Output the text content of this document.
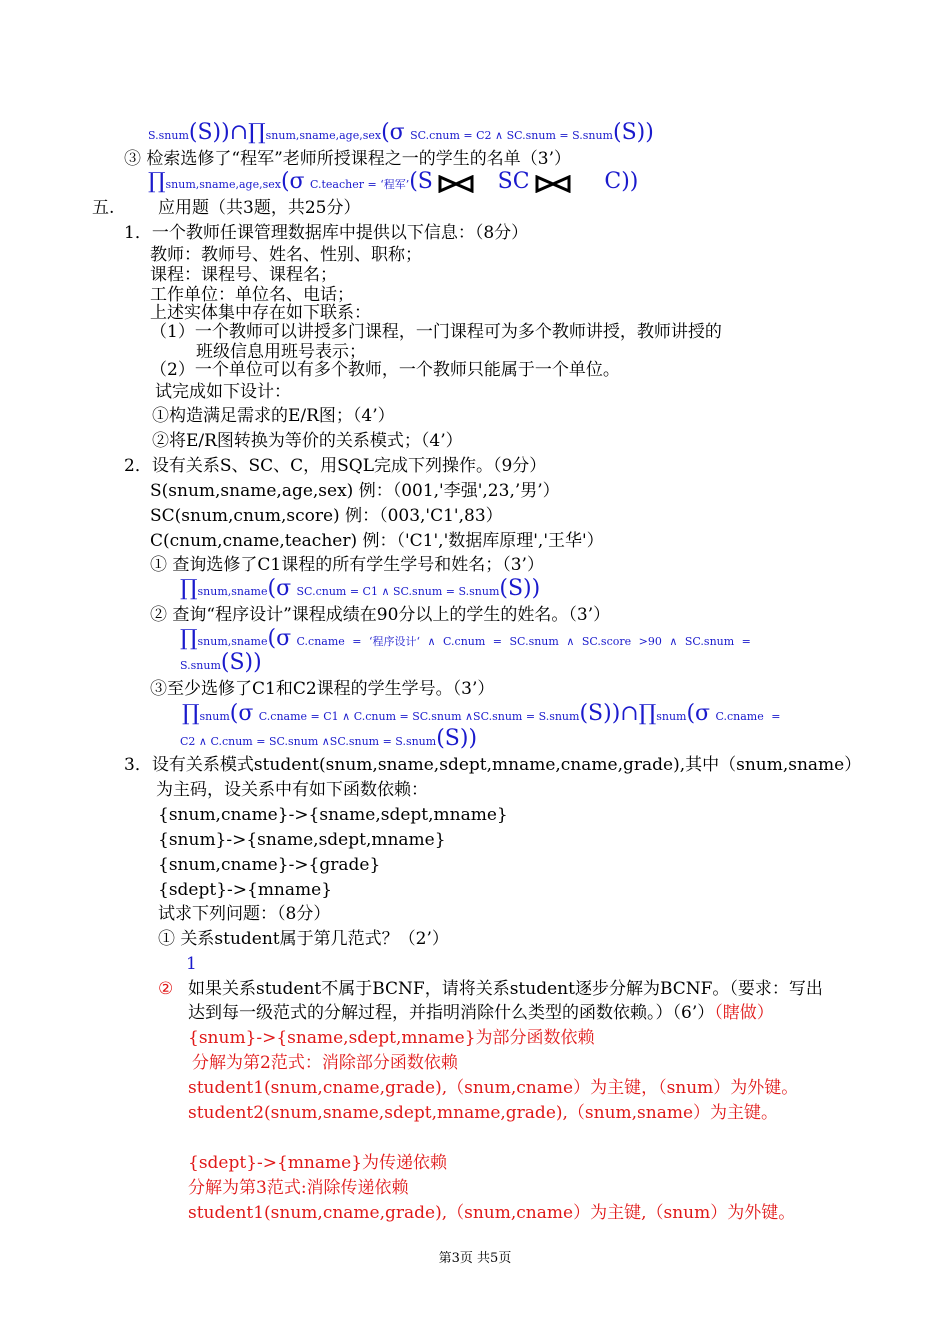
S.snum(S))∩∏snum,sname,age,sex(σ SC.cnum = C2 ∧ SC.snum = S.snum(S))
③ 检索选修了“程军”老师所授课程之一的学生的名单（3’）
∏snum,sname,age,sex(σ C.teacher = ‘程军’(S	SC	C))
五.	应用题（共3题，共25分）
1．一个教师任课管理数据库中提供以下信息：（8分）
教师：教师号、姓名、性别、职称；
课程：课程号、课程名；
工作单位：单位名、电话；
上述实体集中存在如下联系：
（1）一个教师可以讲授多门课程，一门课程可为多个教师讲授，教师讲授的
班级信息用班号表示；
（2）一个单位可以有多个教师，一个教师只能属于一个单位。
试完成如下设计：
①构造满足需求的E/R图；（4’）
②将E/R图转换为等价的关系模式；（4’）
2．设有关系S、SC、C，用SQL完成下列操作。（9分）
S(snum,sname,age,sex) 例：（001,'李强',23,’男’）
SC(snum,cnum,score) 例：（003,'C1',83）
C(cnum,cname,teacher) 例：（'C1','数据库原理','王华'）
① 查询选修了C1课程的所有学生学号和姓名；（3’）
∏snum,sname(σ SC.cnum = C1 ∧ SC.snum = S.snum(S))
② 查询“程序设计”课程成绩在90分以上的学生的姓名。（3’）
∏snum,sname(σ C.cname = ‘程序设计‘ ∧ C.cnum = SC.snum ∧ SC.score >90 ∧ SC.snum =
S.snum(S))
③至少选修了C1和C2课程的学生学号。（3’）
∏snum(σ C.cname = C1 ∧ C.cnum = SC.snum ∧SC.snum = S.snum(S))∩∏snum(σ C.cname =
C2 ∧ C.cnum = SC.snum ∧SC.snum = S.snum(S))
3．设有关系模式student(snum,sname,sdept,mname,cname,grade),其中（snum,sname）
为主码，设关系中有如下函数依赖：
{snum,cname}->{sname,sdept,mname}
{snum}->{sname,sdept,mname}
{snum,cname}->{grade}
{sdept}->{mname}
试求下列问题：（8分）
① 关系student属于第几范式？（2’）
1
② 如果关系student不属于BCNF，请将关系student逐步分解为BCNF。（要求：写出
达到每一级范式的分解过程，并指明消除什么类型的函数依赖。）（6’）（瞎做）
{snum}->{sname,sdept,mname}为部分函数依赖
分解为第2范式：消除部分函数依赖
student1(snum,cname,grade),（snum,cname）为主键，（snum）为外键。
student2(snum,sname,sdept,mname,grade),（snum,sname）为主键。
{sdept}->{mname}为传递依赖
分解为第3范式:消除传递依赖
student1(snum,cname,grade),（snum,cname）为主键,（snum）为外键。
第3页 共5页
